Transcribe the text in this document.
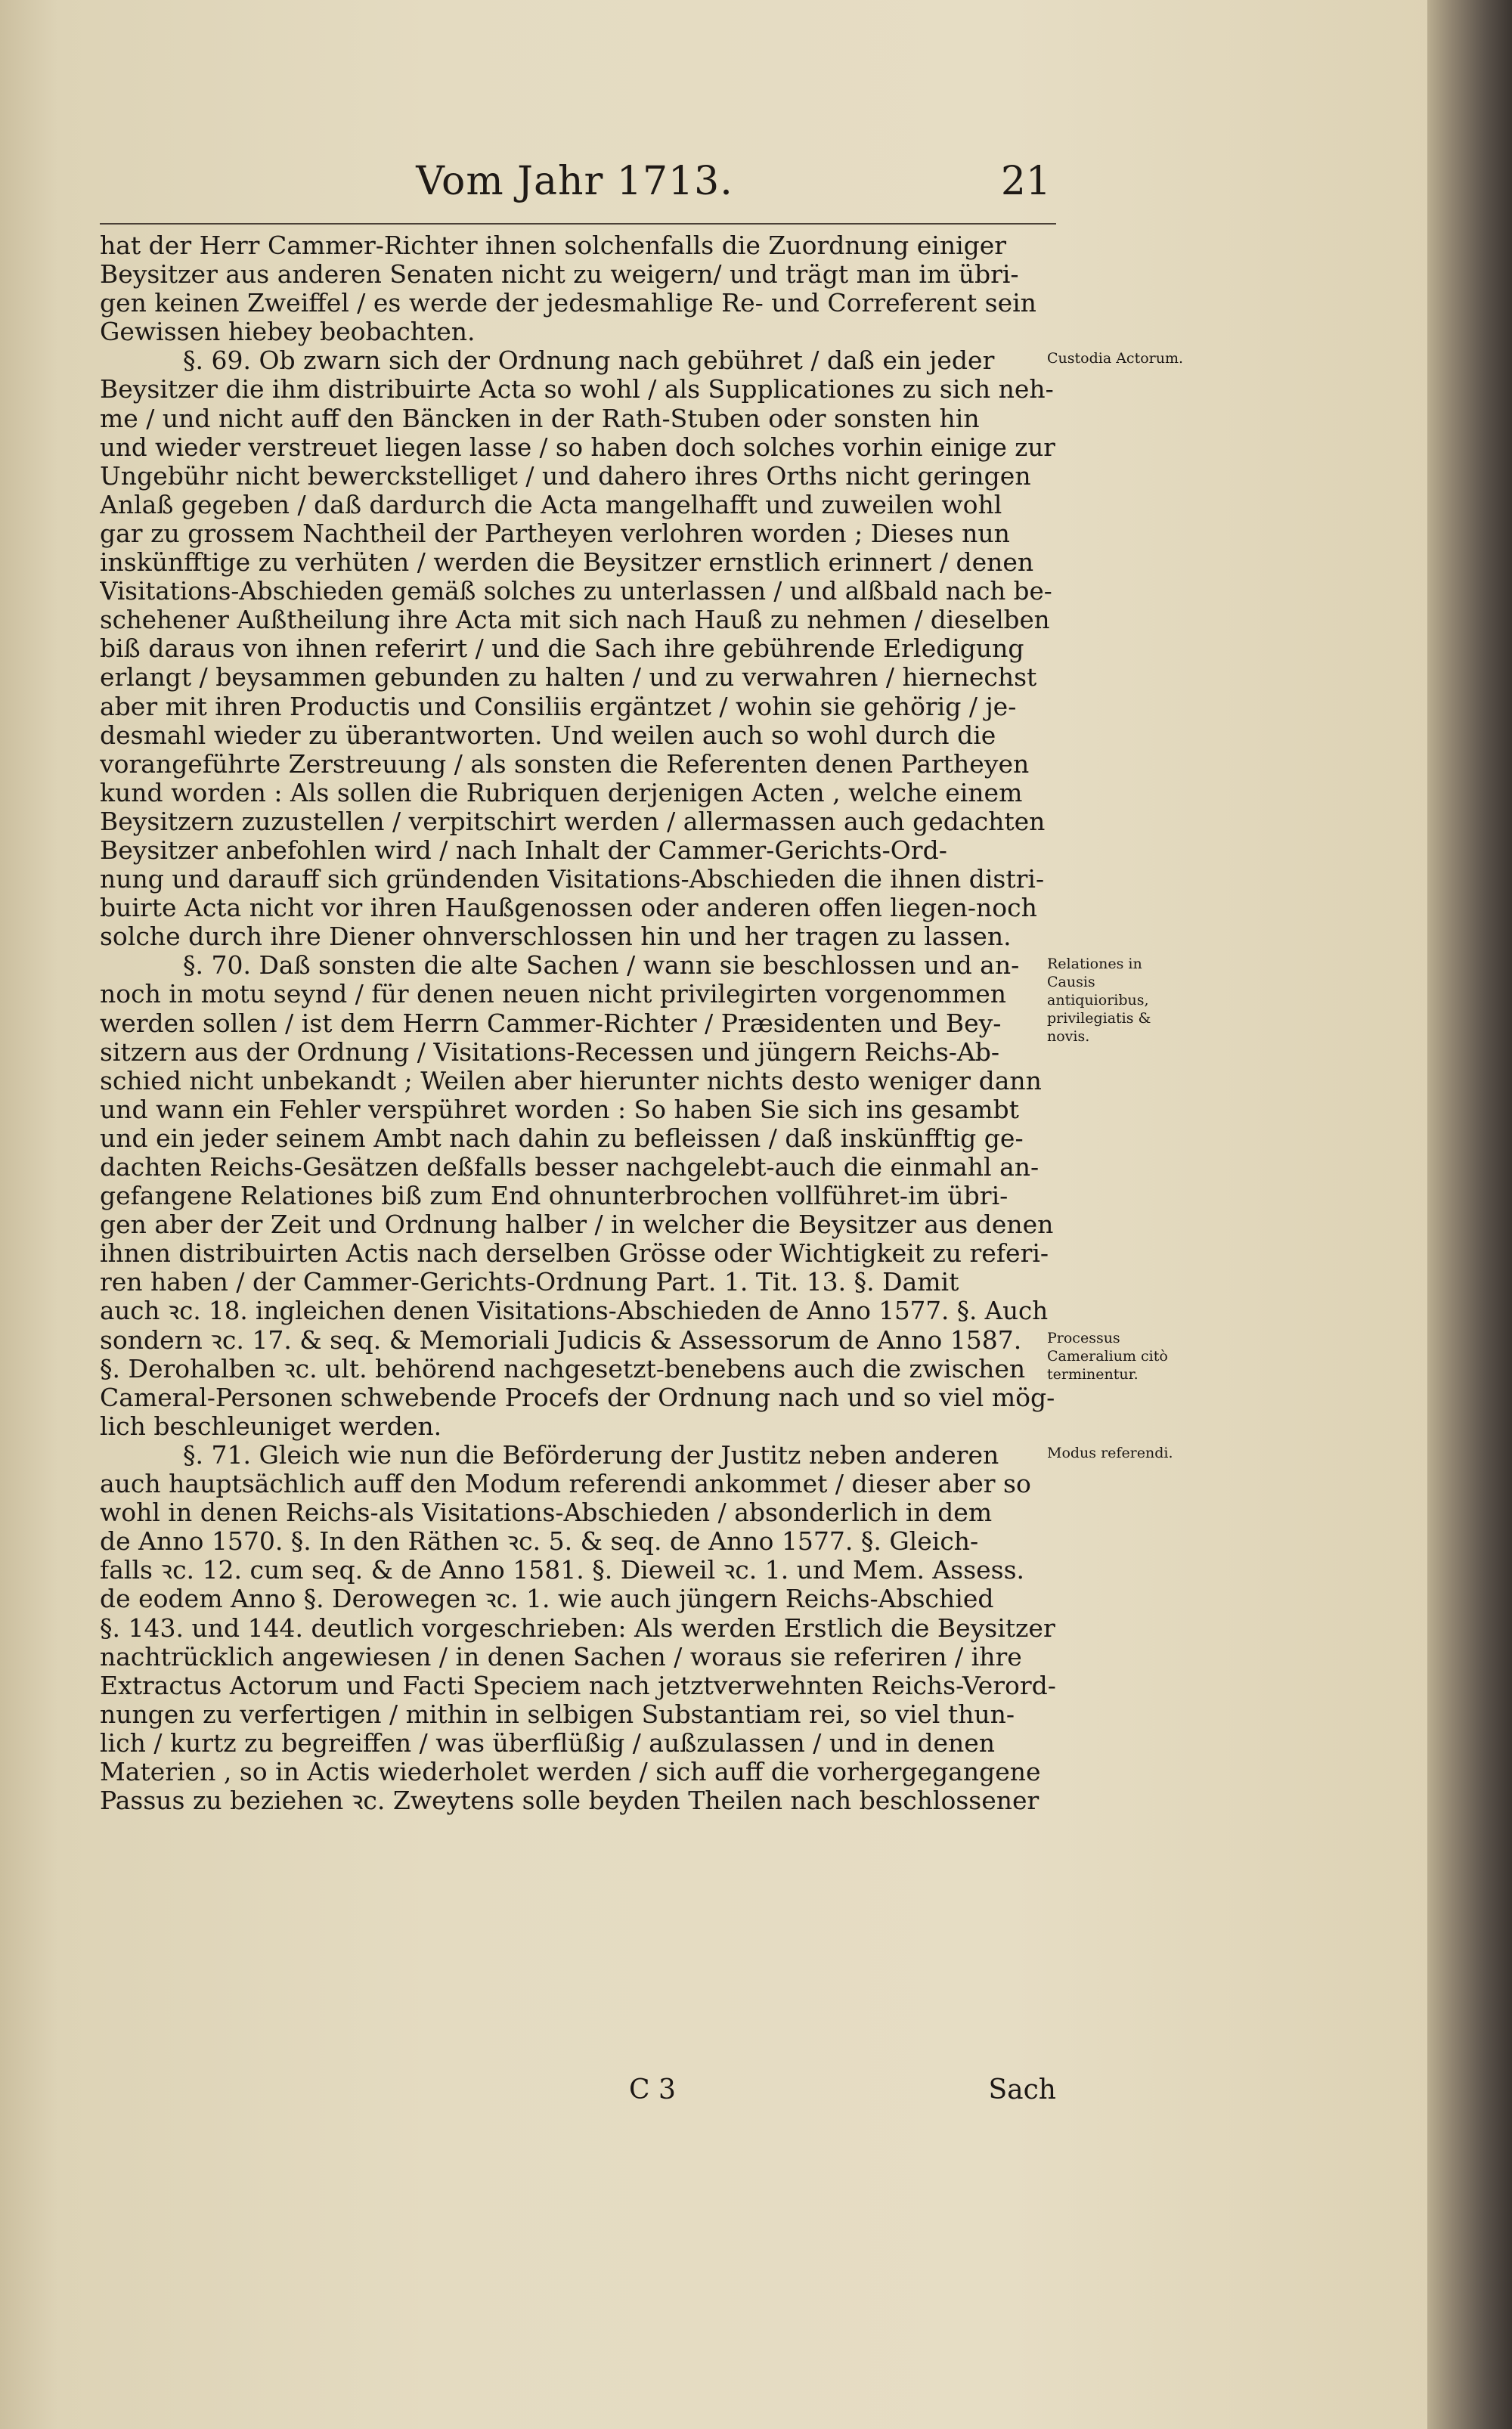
Vom Jahr 1713.	21
hat der Herr Cammer-Richter ihnen solchenfalls die Zuordnung einiger
Beysitzer aus anderen Senaten nicht zu weigern/ und trägt man im übri-
gen keinen Zweiffel / es werde der jedesmahlige Re- und Correferent sein
Gewissen hiebey beobachten.
§. 69. Ob zwarn sich der Ordnung nach gebühret / daß ein jeder
Beysitzer die ihm distribuirte Acta so wohl / als Supplicationes zu sich neh-
me / und nicht auff den Bäncken in der Rath-Stuben oder sonsten hin
und wieder verstreuet liegen lasse / so haben doch solches vorhin einige zur
Ungebühr nicht bewerckstelliget / und dahero ihres Orths nicht geringen
Anlaß gegeben / daß dardurch die Acta mangelhafft und zuweilen wohl
gar zu grossem Nachtheil der Partheyen verlohren worden ; Dieses nun
inskünfftige zu verhüten / werden die Beysitzer ernstlich erinnert / denen
Visitations-Abschieden gemäß solches zu unterlassen / und alßbald nach be-
schehener Außtheilung ihre Acta mit sich nach Hauß zu nehmen / dieselben
biß daraus von ihnen referirt / und die Sach ihre gebührende Erledigung
erlangt / beysammen gebunden zu halten / und zu verwahren / hiernechst
aber mit ihren Productis und Consiliis ergäntzet / wohin sie gehörig / je-
desmahl wieder zu überantworten. Und weilen auch so wohl durch die
vorangeführte Zerstreuung / als sonsten die Referenten denen Partheyen
kund worden : Als sollen die Rubriquen derjenigen Acten , welche einem
Beysitzern zuzustellen / verpitschirt werden / allermassen auch gedachten
Beysitzer anbefohlen wird / nach Inhalt der Cammer-Gerichts-Ord-
nung und darauff sich gründenden Visitations-Abschieden die ihnen distri-
buirte Acta nicht vor ihren Haußgenossen oder anderen offen liegen-noch
solche durch ihre Diener ohnverschlossen hin und her tragen zu lassen.
§. 70. Daß sonsten die alte Sachen / wann sie beschlossen und an-
noch in motu seynd / für denen neuen nicht privilegirten vorgenommen
werden sollen / ist dem Herrn Cammer-Richter / Præsidenten und Bey-
sitzern aus der Ordnung / Visitations-Recessen und jüngern Reichs-Ab-
schied nicht unbekandt ; Weilen aber hierunter nichts desto weniger dann
und wann ein Fehler verspühret worden : So haben Sie sich ins gesambt
und ein jeder seinem Ambt nach dahin zu befleissen / daß inskünfftig ge-
dachten Reichs-Gesätzen deßfalls besser nachgelebt-auch die einmahl an-
gefangene Relationes biß zum End ohnunterbrochen vollführet-im übri-
gen aber der Zeit und Ordnung halber / in welcher die Beysitzer aus denen
ihnen distribuirten Actis nach derselben Grösse oder Wichtigkeit zu referi-
ren haben / der Cammer-Gerichts-Ordnung Part. 1. Tit. 13. §. Damit
auch ꝛc. 18. ingleichen denen Visitations-Abschieden de Anno 1577. §. Auch
sondern ꝛc. 17. & seq. & Memoriali Judicis & Assessorum de Anno 1587.
§. Derohalben ꝛc. ult. behörend nachgesetzt-benebens auch die zwischen
Cameral-Personen schwebende Procefs der Ordnung nach und so viel mög-
lich beschleuniget werden.
§. 71. Gleich wie nun die Beförderung der Justitz neben anderen
auch hauptsächlich auff den Modum referendi ankommet / dieser aber so
wohl in denen Reichs-als Visitations-Abschieden / absonderlich in dem
de Anno 1570. §. In den Räthen ꝛc. 5. & seq. de Anno 1577. §. Gleich-
falls ꝛc. 12. cum seq. & de Anno 1581. §. Dieweil ꝛc. 1. und Mem. Assess.
de eodem Anno §. Derowegen ꝛc. 1. wie auch jüngern Reichs-Abschied
§. 143. und 144. deutlich vorgeschrieben: Als werden Erstlich die Beysitzer
nachtrücklich angewiesen / in denen Sachen / woraus sie referiren / ihre
Extractus Actorum und Facti Speciem nach jetztverwehnten Reichs-Verord-
nungen zu verfertigen / mithin in selbigen Substantiam rei, so viel thun-
lich / kurtz zu begreiffen / was überflüßig / außzulassen / und in denen
Materien , so in Actis wiederholet werden / sich auff die vorhergegangene
Passus zu beziehen ꝛc. Zweytens solle beyden Theilen nach beschlossener
Custodia Actorum.
Relationes in Causis antiquioribus, privilegiatis & novis.
Processus Cameralium citò terminentur.
Modus referendi.
C 3	Sach
